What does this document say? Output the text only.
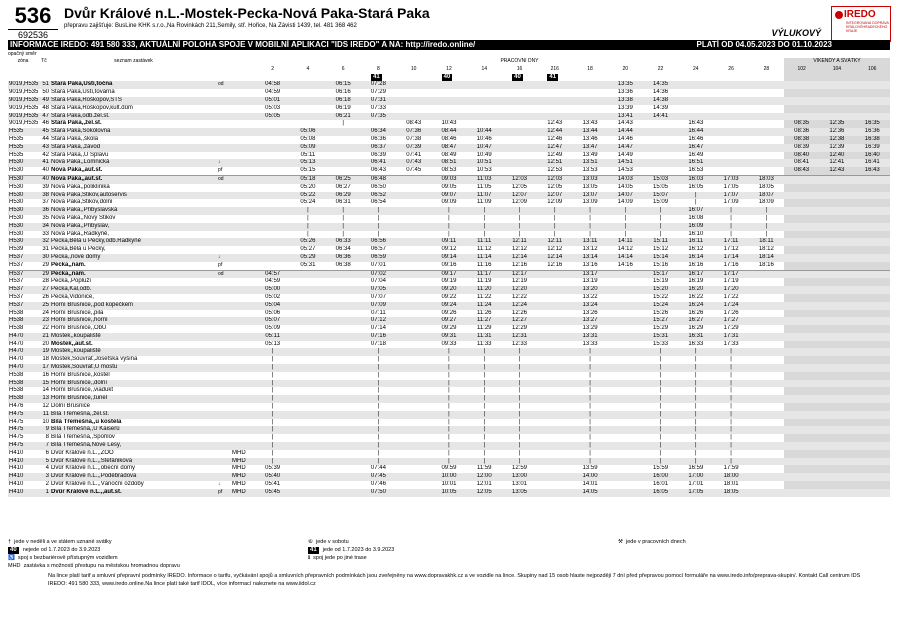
536
692536
Dvůr Králové n.L.-Mostek-Pecka-Nová Paka-Stará Paka
přepravu zajišťuje: BusLine KHK s.r.o.,Na Rovinkách 211,Semily, stř. Hořice, Na Závisti 1439, tel. 481 368 462
VÝLUKOVÝ
IREDO
INTEGROVANÁ DOPRAVA KRÁLOVÉHRADECKÉHO KRAJE
INFORMACE IREDO: 491 580 333, AKTUÁLNÍ POLOHA SPOJE V MOBILNÍ APLIKACI "IDS IREDO" A NA: http://iredo.online/	PLATÍ OD 04.05.2023 DO 01.10.2023
opačný směr
zóna	Tč	seznam zastávek			PRACOVNÍ DNY															VÍKENDY A SVÁTKY		
					2	4	6	8	10	12	14	16	216	18	20	22	24	26	28	102	104	106
								41		40		40	41									
9019,H535	51	Stará Paka,Ústí,točna	od		04:58		06:15	07:28							13:35	14:35						
9019,H535	50	Stará Paka,Ústí,továrna			04:59		06:16	07:29							13:36	14:36						
9019,H535	49	Stará Paka,Roškopov,STS			05:01		06:18	07:31							13:38	14:38						
9019,H535	48	Stará Paka,Roškopov,kult.dům			05:03		06:19	07:33							13:39	14:39						
9019,H535	47	Stará Paka,odb.žel.st.			05:05		06:21	07:35							13:41	14:41						
9019,H535	46	Stará Paka,,žel.st.					|		08:43	10:43			12:43	13:43	14:43		16:43			08:35	12:35	16:35
H535	45	Stará Paka,Sokolovna				05:06		06:34	07:36	08:44	10:44		12:44	13:44	14:44		16:44			08:36	12:36	16:36
H535	44	Stará Paka,,škola				05:08		06:36	07:38	08:46	10:46		12:46	13:46	14:46		16:46			08:38	12:38	16:38
H535	43	Stará Paka,,závod				05:09		06:37	07:39	08:47	10:47		12:47	13:47	14:47		16:47			08:39	12:39	16:39
H535	42	Stará Paka,,U Splavu				05:11		06:39	07:41	08:49	10:49		12:49	13:49	14:49		16:49			08:40	12:40	16:40
H530	41	Nová Paka,,Lomnická	↓			05:13		06:41	07:43	08:51	10:51		12:51	13:51	14:51		16:51			08:41	12:41	16:41
H530	40	Nová Paka,,aut.st.	př			05:15		06:43	07:45	08:53	10:53		12:53	13:53	14:53		16:53			08:43	12:43	16:43
H530	40	Nová Paka,,aut.st.	od			05:18	06:25	06:48		09:03	11:03	12:03	12:03	13:03	14:03	15:03	16:03	17:03	18:03			
H530	39	Nová Paka,,poliklinika				05:20	06:27	06:50		09:05	11:05	12:05	12:05	13:05	14:05	15:05	16:05	17:05	18:05			
H530	38	Nová Paka,Štikov,autoservis				05:22	06:29	06:52		09:07	11:07	12:07	12:07	13:07	14:07	15:07	|	17:07	18:07			
H530	37	Nová Paka,Štikov,dolní				05:24	06:31	06:54		09:09	11:09	12:09	12:09	13:09	14:09	15:09	|	17:09	18:09			
H530	36	Nová Paka,,Přibyslavská				|	|	|		|	|	|	|	|	|	|	16:07	|	|			
H530	35	Nová Paka,,Nový Štikov				|	|	|		|	|	|	|	|	|	|	16:08	|	|			
H530	34	Nová Paka,,Přibyslav,				|	|	|		|	|	|	|	|	|	|	16:09	|	|			
H530	33	Nová Paka,,Radkyně,				|	|	|		|	|	|	|	|	|	|	16:10	|	|			
H530	32	Pecka,Bělá u Pecky,odb.Radkyně				05:26	06:33	06:56		09:11	11:11	12:11	12:11	13:11	14:11	15:11	16:11	17:11	18:11			
H539	31	Pecka,Bělá u Pecky,				05:27	06:34	06:57		09:12	11:12	12:12	12:12	13:12	14:12	15:12	16:12	17:12	18:12			
H537	30	Pecka,,nové domy	↓			05:29	06:36	06:59		09:14	11:14	12:14	12:14	13:14	14:14	15:14	16:14	17:14	18:14			
H537	29	Pecka,,nám.	př			05:31	06:38	07:01		09:16	11:16	12:16	12:16	13:16	14:16	15:16	16:16	17:16	18:16			
H537	29	Pecka,,nám.	od		04:57			07:02		09:17	11:17	12:17		13:17		15:17	16:17	17:17				
H537	28	Pecka,,Popluží			04:59			07:04		09:19	11:19	12:19		13:19		15:19	16:19	17:19				
H537	27	Pecka,Kal,odb.			05:00			07:05		09:20	11:20	12:20		13:20		15:20	16:20	17:20				
H537	26	Pecka,Vidonice,			05:02			07:07		09:22	11:22	12:22		13:22		15:22	16:22	17:22				
H537	25	Horní Brusnice,,pod kopečkem			05:04			07:09		09:24	11:24	12:24		13:24		15:24	16:24	17:24				
H538	24	Horní Brusnice,,pila			05:06			07:11		09:26	11:26	12:26		13:26		15:26	16:26	17:26				
H538	23	Horní Brusnice,,horní			05:07			07:12		09:27	11:27	12:27		13:27		15:27	16:27	17:27				
H538	22	Horní Brusnice,,ObÚ			05:09			07:14		09:29	11:29	12:29		13:29		15:29	16:29	17:29				
H470	21	Mostek,,koupaliště			05:11			07:16		09:31	11:31	12:31		13:31		15:31	16:31	17:31				
H470	20	Mostek,,aut.st.			05:13			07:18		09:33	11:33	12:33		13:33		15:33	16:33	17:33				
H470	19	Mostek,,koupaliště			|			|		|	|	|		|		|	|	|				
H470	18	Mostek,Souvrať,Josefská výšina			|			|		|	|	|		|		|	|	|				
H470	17	Mostek,Souvrať,U mostu			|			|		|	|	|		|		|	|	|				
H538	16	Horní Brusnice,,kostel			|			|		|	|	|		|		|	|	|				
H538	15	Horní Brusnice,,dolní			|			|		|	|	|		|		|	|	|				
H538	14	Horní Brusnice,,viadukt			|			|		|	|	|		|		|	|	|				
H538	13	Horní Brusnice,,tunel			|			|		|	|	|		|		|	|	|				
H476	12	Dolní Brusnice			|			|		|	|	|		|		|	|	|				
H475	11	Bílá Třemešná,,žel.st.			|			|		|	|	|		|		|	|	|				
H475	10	Bílá Třemešná,,u kostela			|			|		|	|	|		|		|	|	|				
H475	9	Bílá Třemešná,,U Kaiserů			|			|		|	|	|		|		|	|	|				
H475	8	Bílá Třemešná,,Spořilov			|			|		|	|	|		|		|	|	|				
H475	7	Bílá Třemešná,Nové Lesy,			|			|		|	|	|		|		|	|	|				
H410	6	Dvůr Králové n.L.,,ZOO		MHD	|			|		|	|	|		|		|	|	|				
H410	5	Dvůr Králové n.L.,,Štefánikova		MHD	|			|		|	|	|		|		|	|	|				
H410	4	Dvůr Králové n.L.,,obecní domy		MHD	05:39			07:44		09:59	11:59	12:59		13:59		15:59	16:59	17:59				
H410	3	Dvůr Králové n.L.,,Poděbradova		MHD	05:40			07:45		10:00	12:00	13:00		14:00		16:00	17:00	18:00				
H410	2	Dvůr Králové n.L.,,Vánoční ozdoby	↓	MHD	05:41			07:46		10:01	12:01	13:01		14:01		16:01	17:01	18:01				
H410	1	Dvůr Králové n.L.,,aut.st.	př	MHD	05:45			07:50		10:05	12:05	13:05		14:05		16:05	17:05	18:05				
† jede v neděli a ve státem uznané svátky
40 nejede od 1.7.2023 do 3.9.2023
♿ spoj s bezbariérově přístupným vozidlem
MHD zastávka s možností přestupu na městskou hromadnou dopravu
⑥ jede v sobotu
41 jede od 1.7.2023 do 3.9.2023
ℹ spoj jede po jiné trase
⚒ jede v pracovních dnech
Na lince platí tarif a smluvní přepravní podmínky IREDO. Informace o tarifu, vyčkávání spojů a smluvních přepravních podmínkách jsou zveřejněny na www.dopravakhk.cz a ve vozidle na lince. Skupiny nad 15 osob hlaste nejpozději 7 dní před přepravou pomocí formuláře na www.iredo.info/preprava-skupin/. Kontakt Call centrum IDS IREDO: 491 580 333, www.iredo.online.Na lince platí také tarif IDOL, více informací naleznete na www.iidol.cz
